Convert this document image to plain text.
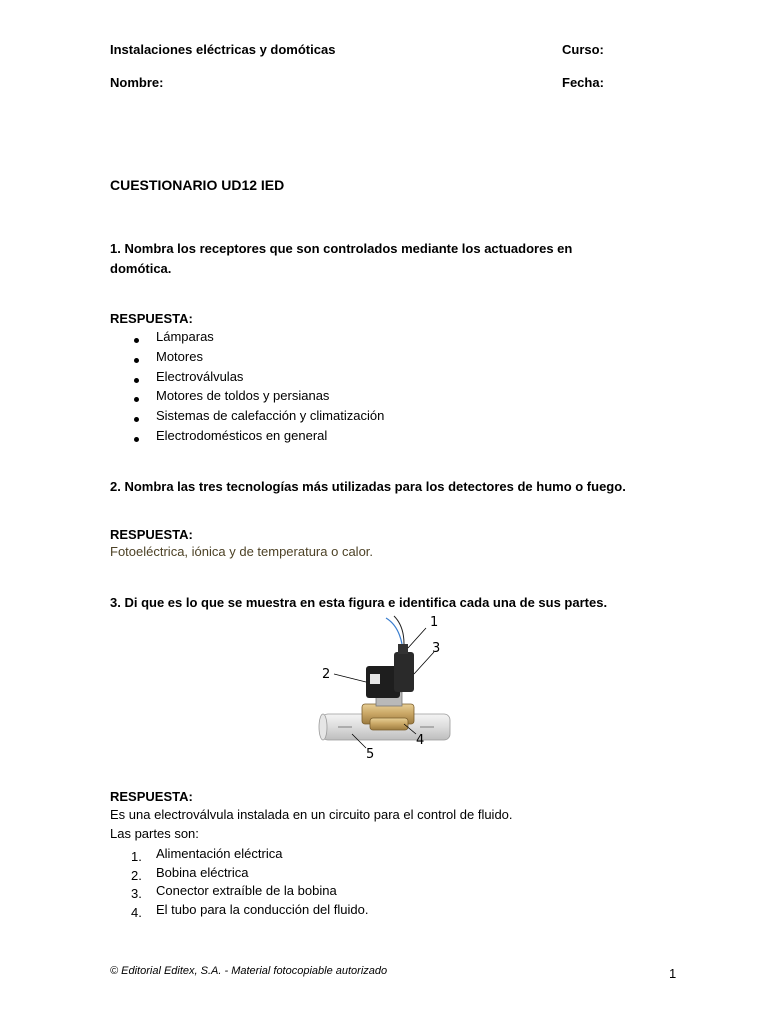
Instalaciones eléctricas y domóticas	Curso:
Nombre:	Fecha:
CUESTIONARIO UD12 IED
1. Nombra los receptores que son controlados mediante los actuadores en domótica.
RESPUESTA:
Lámparas
Motores
Electroválvulas
Motores de toldos y persianas
Sistemas de calefacción y climatización
Electrodomésticos en general
2. Nombra las tres tecnologías más utilizadas para los detectores de humo o fuego.
RESPUESTA:
Fotoeléctrica, iónica y de temperatura o calor.
3. Di que es lo que se muestra en esta figura e identifica cada una de sus partes.
1
2
3
4
5
RESPUESTA:
Es una electroválvula instalada en un circuito para el control de fluido.
Las partes son:
1. Alimentación eléctrica
2. Bobina eléctrica
3. Conector extraíble de la bobina
4. El tubo para la conducción del fluido.
© Editorial Editex, S.A. - Material fotocopiable autorizado	1
